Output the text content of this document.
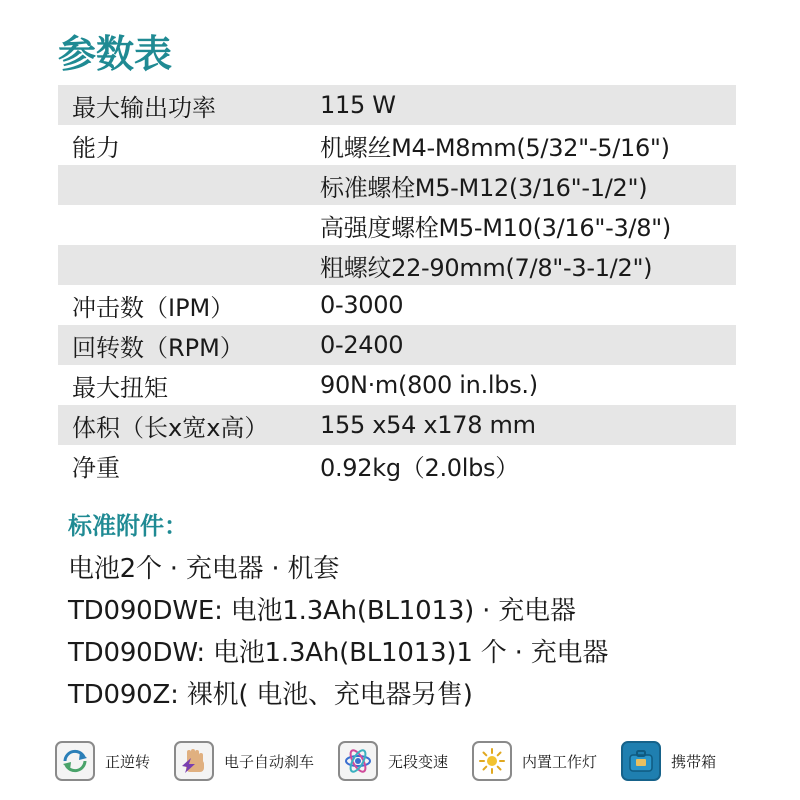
参数表
最大输出功率	115 W
能力	机螺丝M4-M8mm(5/32"-5/16")
标准螺栓M5-M12(3/16"-1/2")
高强度螺栓M5-M10(3/16"-3/8")
粗螺纹22-90mm(7/8"-3-1/2")
冲击数（IPM）	0-3000
回转数（RPM）	0-2400
最大扭矩	90N·m(800 in.lbs.)
体积（长x宽x高）	155 x54 x178 mm
净重	0.92kg（2.0lbs）
标准附件：
电池2个 · 充电器 · 机套
TD090DWE: 电池1.3Ah(BL1013) · 充电器
TD090DW: 电池1.3Ah(BL1013)1 个 · 充电器
TD090Z: 裸机( 电池、充电器另售)
正逆转	电子自动刹车	无段变速	内置工作灯	携带箱
